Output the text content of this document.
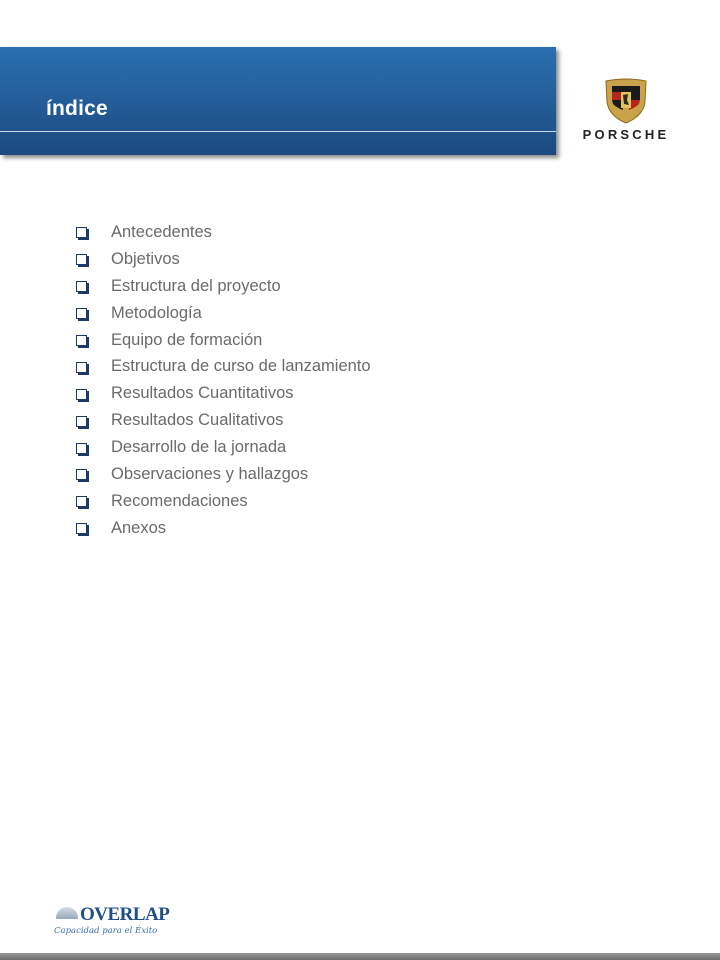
índice
PORSCHE
Antecedentes
Objetivos
Estructura del proyecto
Metodología
Equipo de formación
Estructura de curso de lanzamiento
Resultados Cuantitativos
Resultados Cualitativos
Desarrollo de la jornada
Observaciones y hallazgos
Recomendaciones
Anexos
OVERLAP
Capacidad para el Éxito
